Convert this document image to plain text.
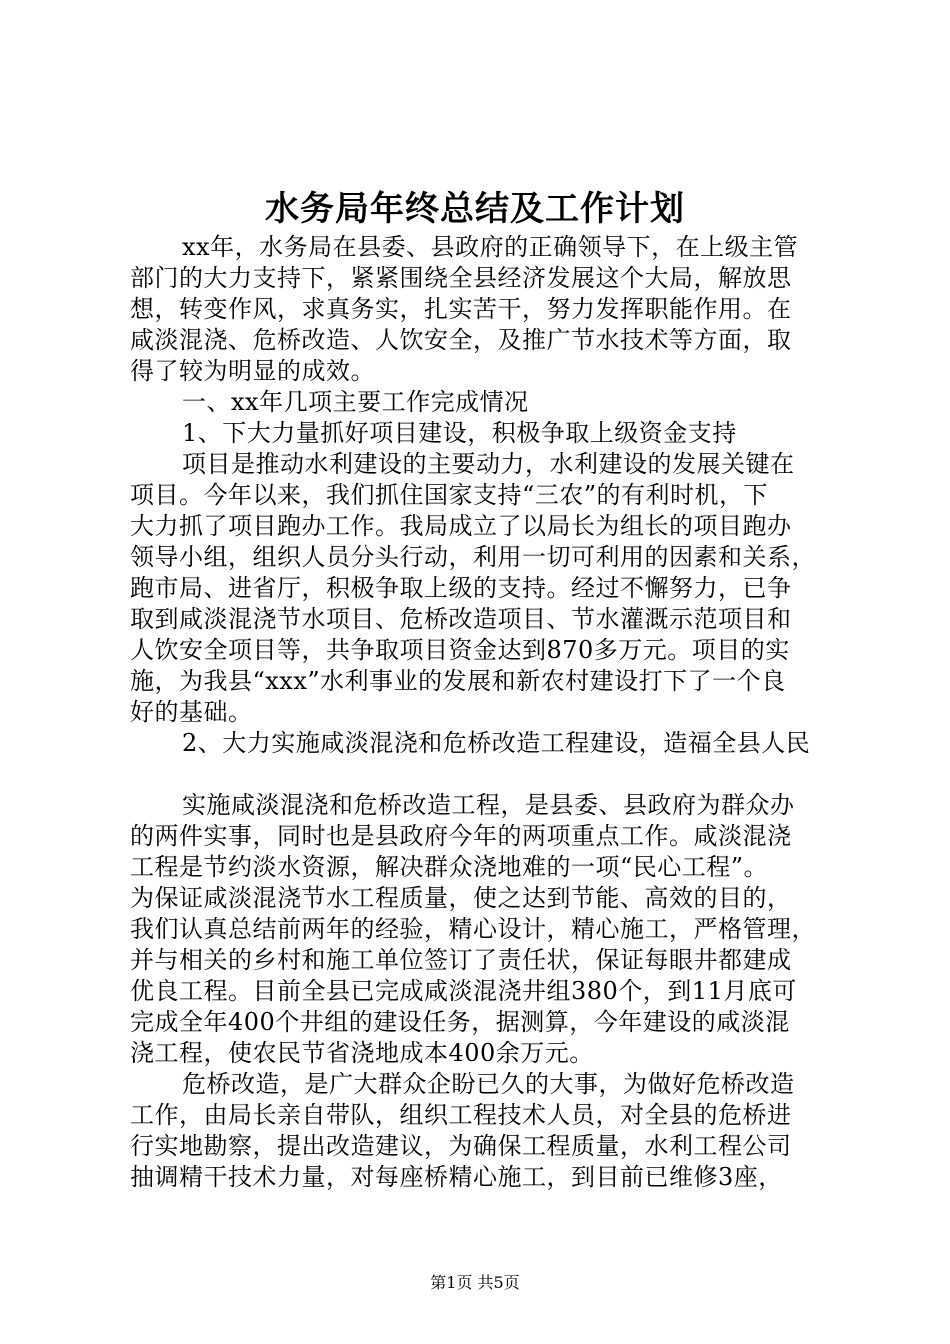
水务局年终总结及工作计划
xx年，水务局在县委、县政府的正确领导下，在上级主管
部门的大力支持下，紧紧围绕全县经济发展这个大局，解放思
想，转变作风，求真务实，扎实苦干，努力发挥职能作用。在
咸淡混浇、危桥改造、人饮安全，及推广节水技术等方面，取
得了较为明显的成效。
一、xx年几项主要工作完成情况
1、下大力量抓好项目建设，积极争取上级资金支持
项目是推动水利建设的主要动力，水利建设的发展关键在
项目。今年以来，我们抓住国家支持“三农”的有利时机，下
大力抓了项目跑办工作。我局成立了以局长为组长的项目跑办
领导小组，组织人员分头行动，利用一切可利用的因素和关系，
跑市局、进省厅，积极争取上级的支持。经过不懈努力，已争
取到咸淡混浇节水项目、危桥改造项目、节水灌溉示范项目和
人饮安全项目等，共争取项目资金达到870多万元。项目的实
施，为我县“xxx”水利事业的发展和新农村建设打下了一个良
好的基础。
2、大力实施咸淡混浇和危桥改造工程建设，造福全县人民
实施咸淡混浇和危桥改造工程，是县委、县政府为群众办
的两件实事，同时也是县政府今年的两项重点工作。咸淡混浇
工程是节约淡水资源，解决群众浇地难的一项“民心工程”。
为保证咸淡混浇节水工程质量，使之达到节能、高效的目的，
我们认真总结前两年的经验，精心设计，精心施工，严格管理，
并与相关的乡村和施工单位签订了责任状，保证每眼井都建成
优良工程。目前全县已完成咸淡混浇井组380个，到11月底可
完成全年400个井组的建设任务，据测算，今年建设的咸淡混
浇工程，使农民节省浇地成本400余万元。
危桥改造，是广大群众企盼已久的大事，为做好危桥改造
工作，由局长亲自带队，组织工程技术人员，对全县的危桥进
行实地勘察，提出改造建议，为确保工程质量，水利工程公司
抽调精干技术力量，对每座桥精心施工，到目前已维修3座，
第1页 共5页
